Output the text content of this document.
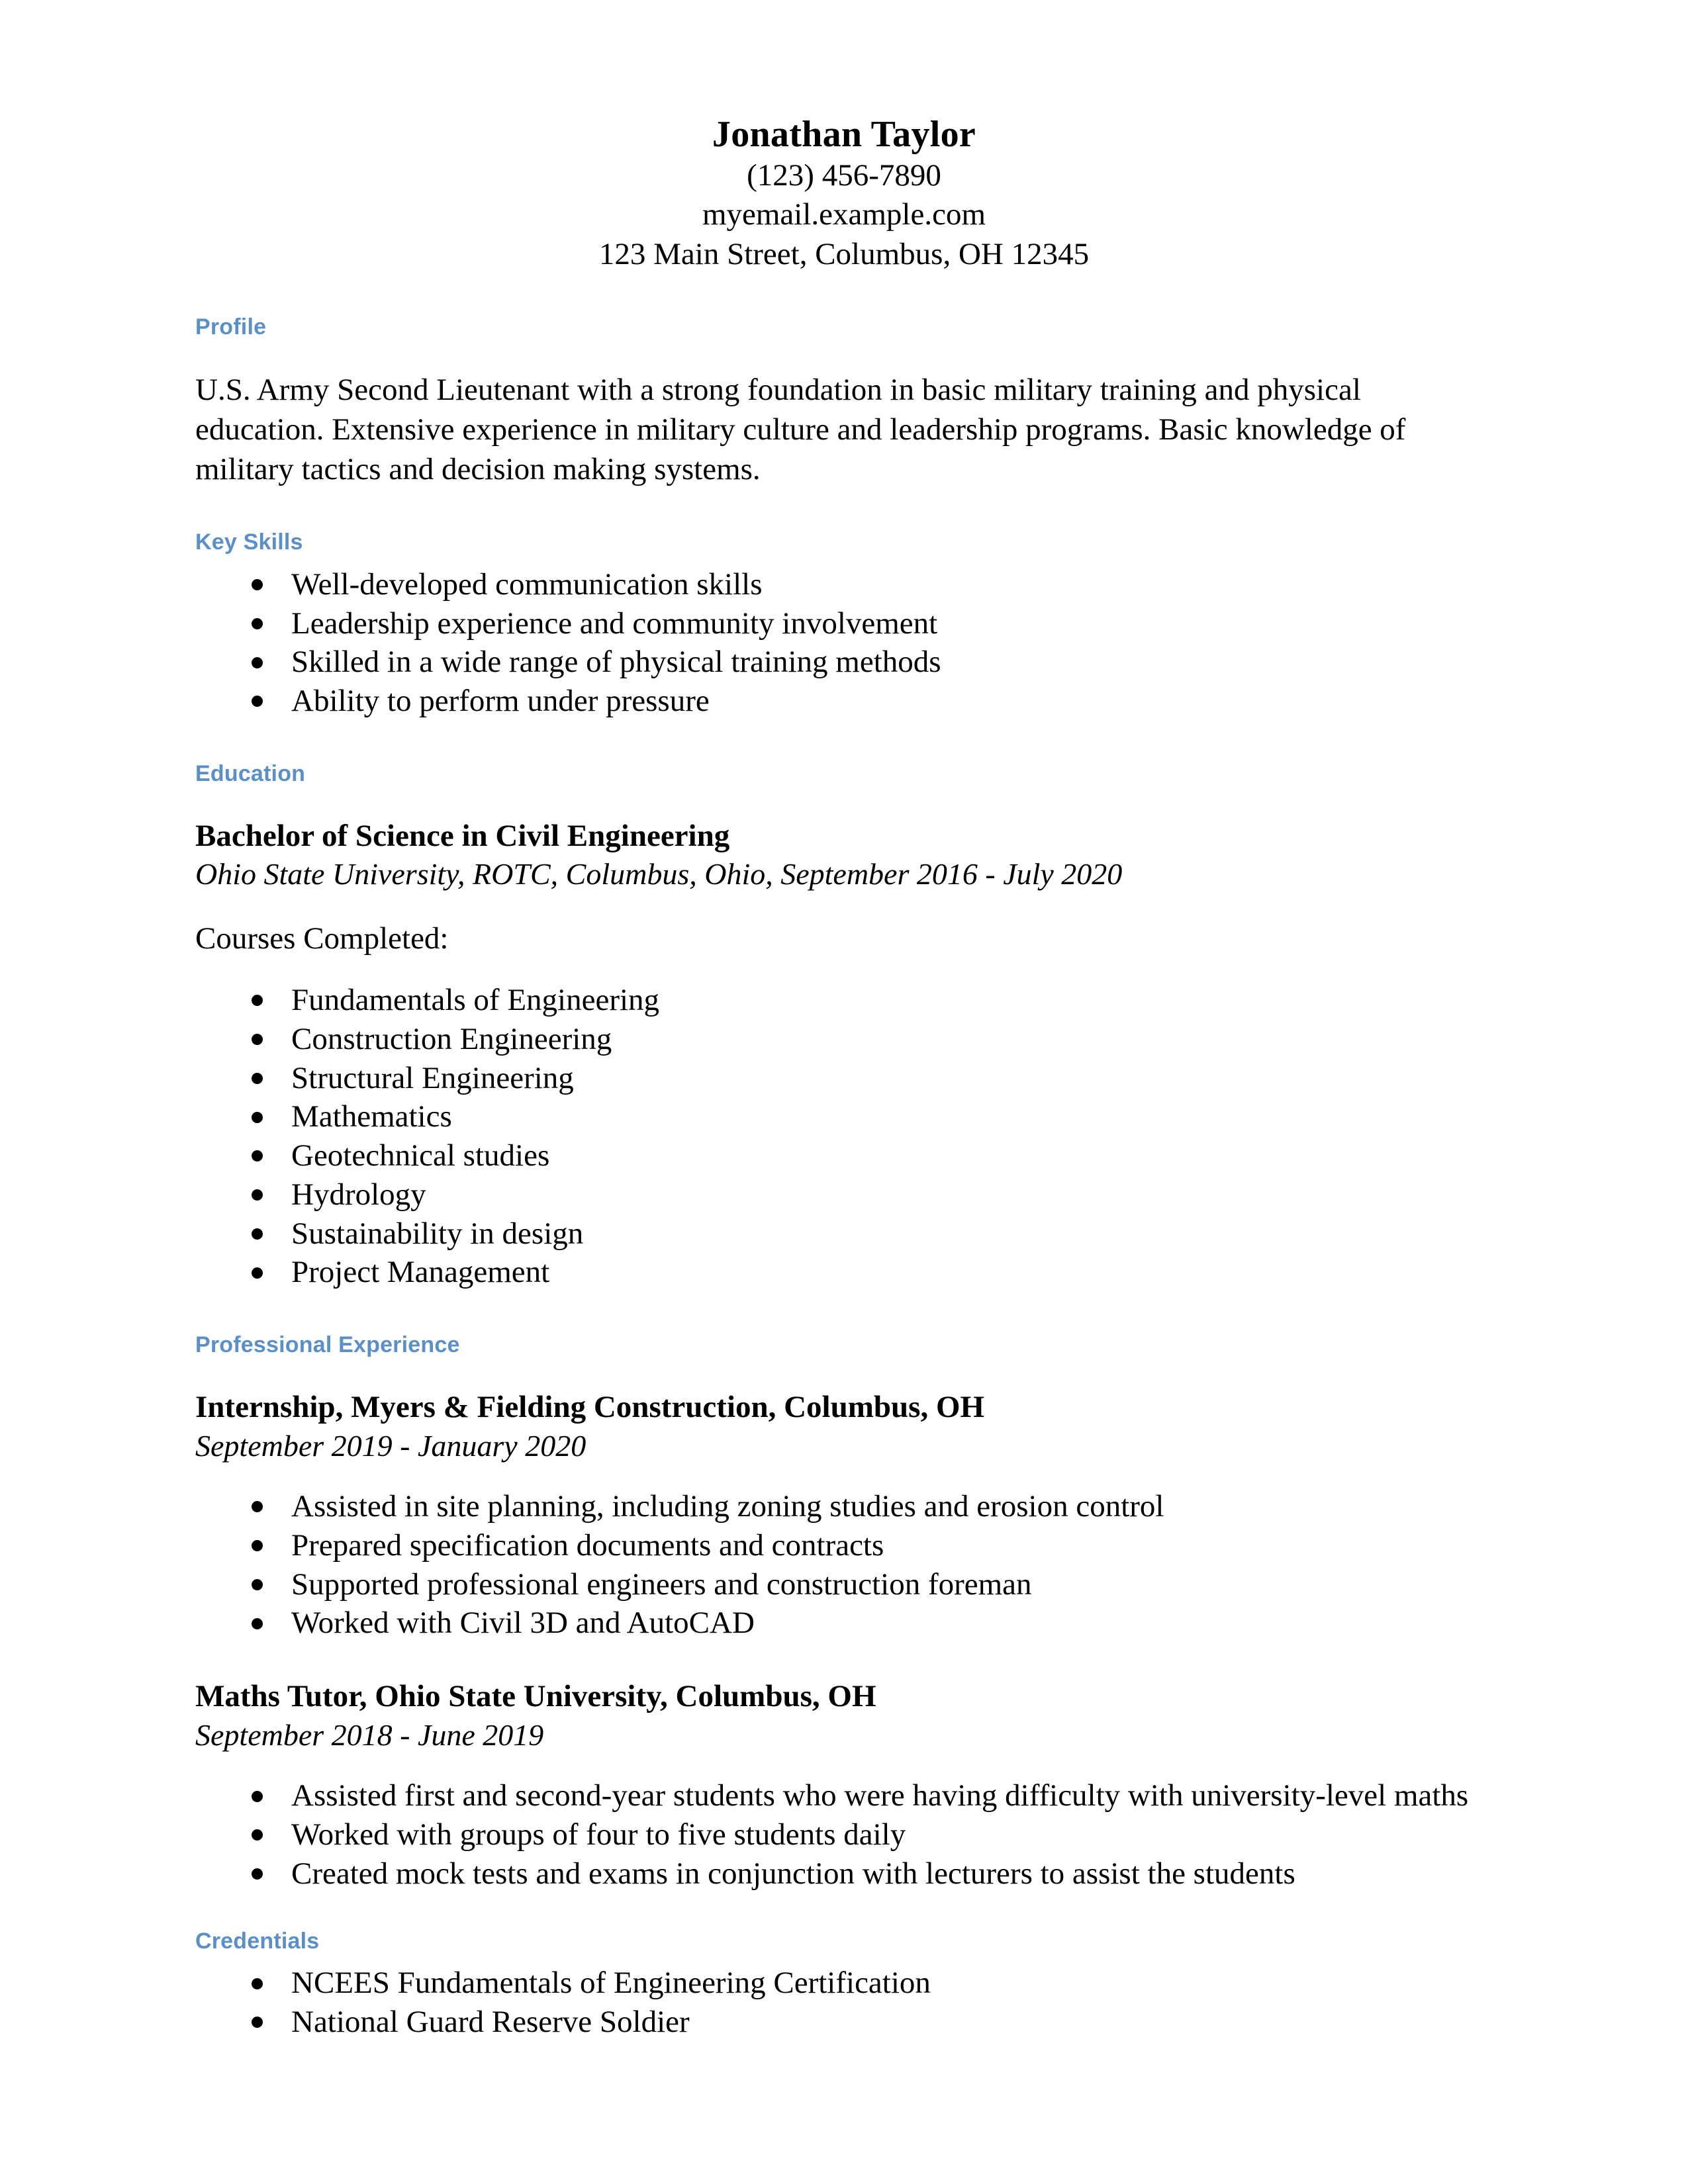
Jonathan Taylor
(123) 456-7890
myemail.example.com
123 Main Street, Columbus, OH 12345
Profile
U.S. Army Second Lieutenant with a strong foundation in basic military training and physical education. Extensive experience in military culture and leadership programs. Basic knowledge of military tactics and decision making systems.
Key Skills
Well-developed communication skills
Leadership experience and community involvement
Skilled in a wide range of physical training methods
Ability to perform under pressure
Education
Bachelor of Science in Civil Engineering
Ohio State University, ROTC, Columbus, Ohio, September 2016 - July 2020
Courses Completed:
Fundamentals of Engineering
Construction Engineering
Structural Engineering
Mathematics
Geotechnical studies
Hydrology
Sustainability in design
Project Management
Professional Experience
Internship, Myers & Fielding Construction, Columbus, OH
September 2019 - January 2020
Assisted in site planning, including zoning studies and erosion control
Prepared specification documents and contracts
Supported professional engineers and construction foreman
Worked with Civil 3D and AutoCAD
Maths Tutor, Ohio State University, Columbus, OH
September 2018 - June 2019
Assisted first and second-year students who were having difficulty with university-level maths
Worked with groups of four to five students daily
Created mock tests and exams in conjunction with lecturers to assist the students
Credentials
NCEES Fundamentals of Engineering Certification
National Guard Reserve Soldier
